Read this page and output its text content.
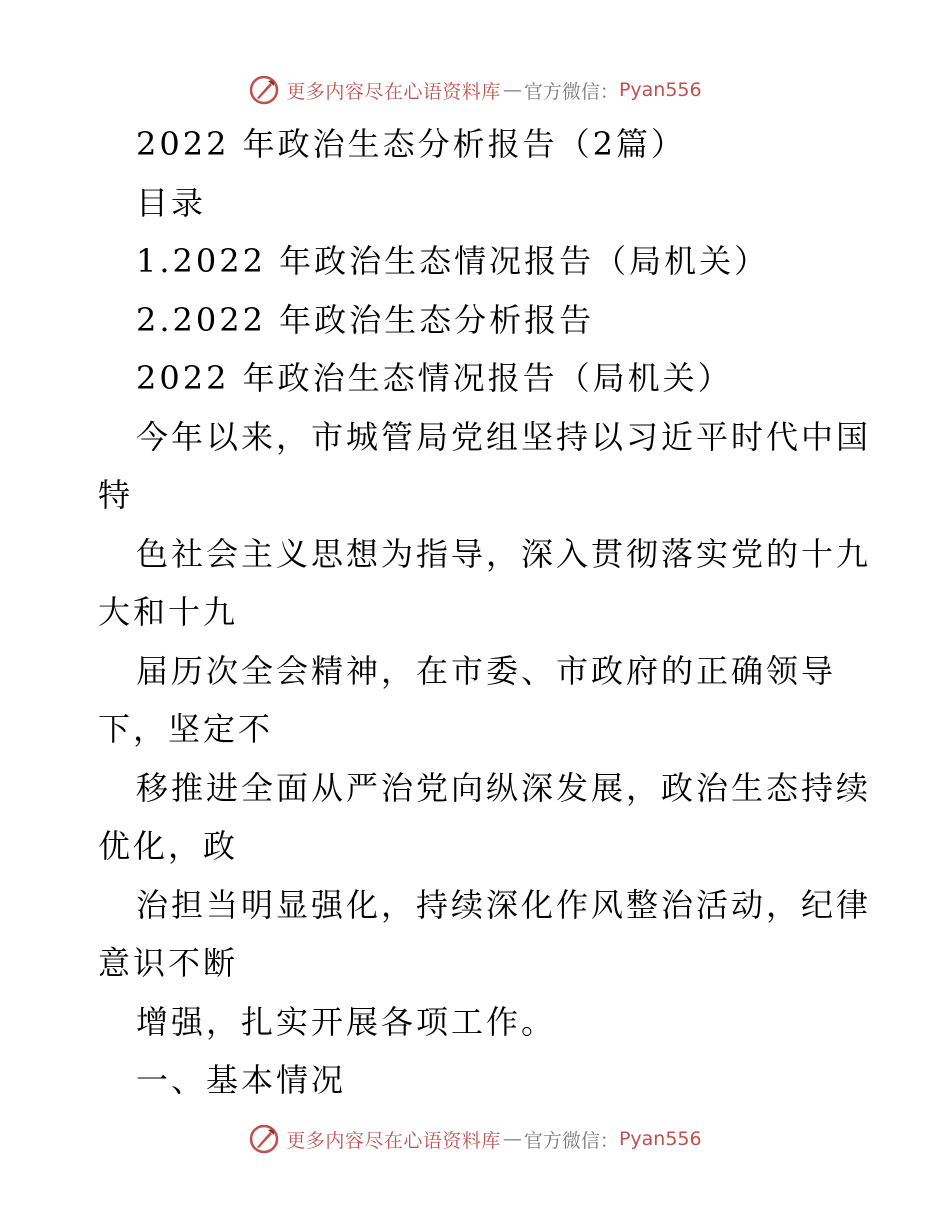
更多内容尽在心语资料库 — 官方微信： Pyan556
2022 年政治生态分析报告（2篇）
目录
1.2022 年政治生态情况报告（局机关）
2.2022 年政治生态分析报告
2022 年政治生态情况报告（局机关）
今年以来，市城管局党组坚持以习近平时代中国
特
色社会主义思想为指导，深入贯彻落实党的十九
大和十九
届历次全会精神，在市委、市政府的正确领导
下，坚定不
移推进全面从严治党向纵深发展，政治生态持续
优化，政
治担当明显强化，持续深化作风整治活动，纪律
意识不断
增强，扎实开展各项工作。
一、基本情况
更多内容尽在心语资料库 — 官方微信： Pyan556
